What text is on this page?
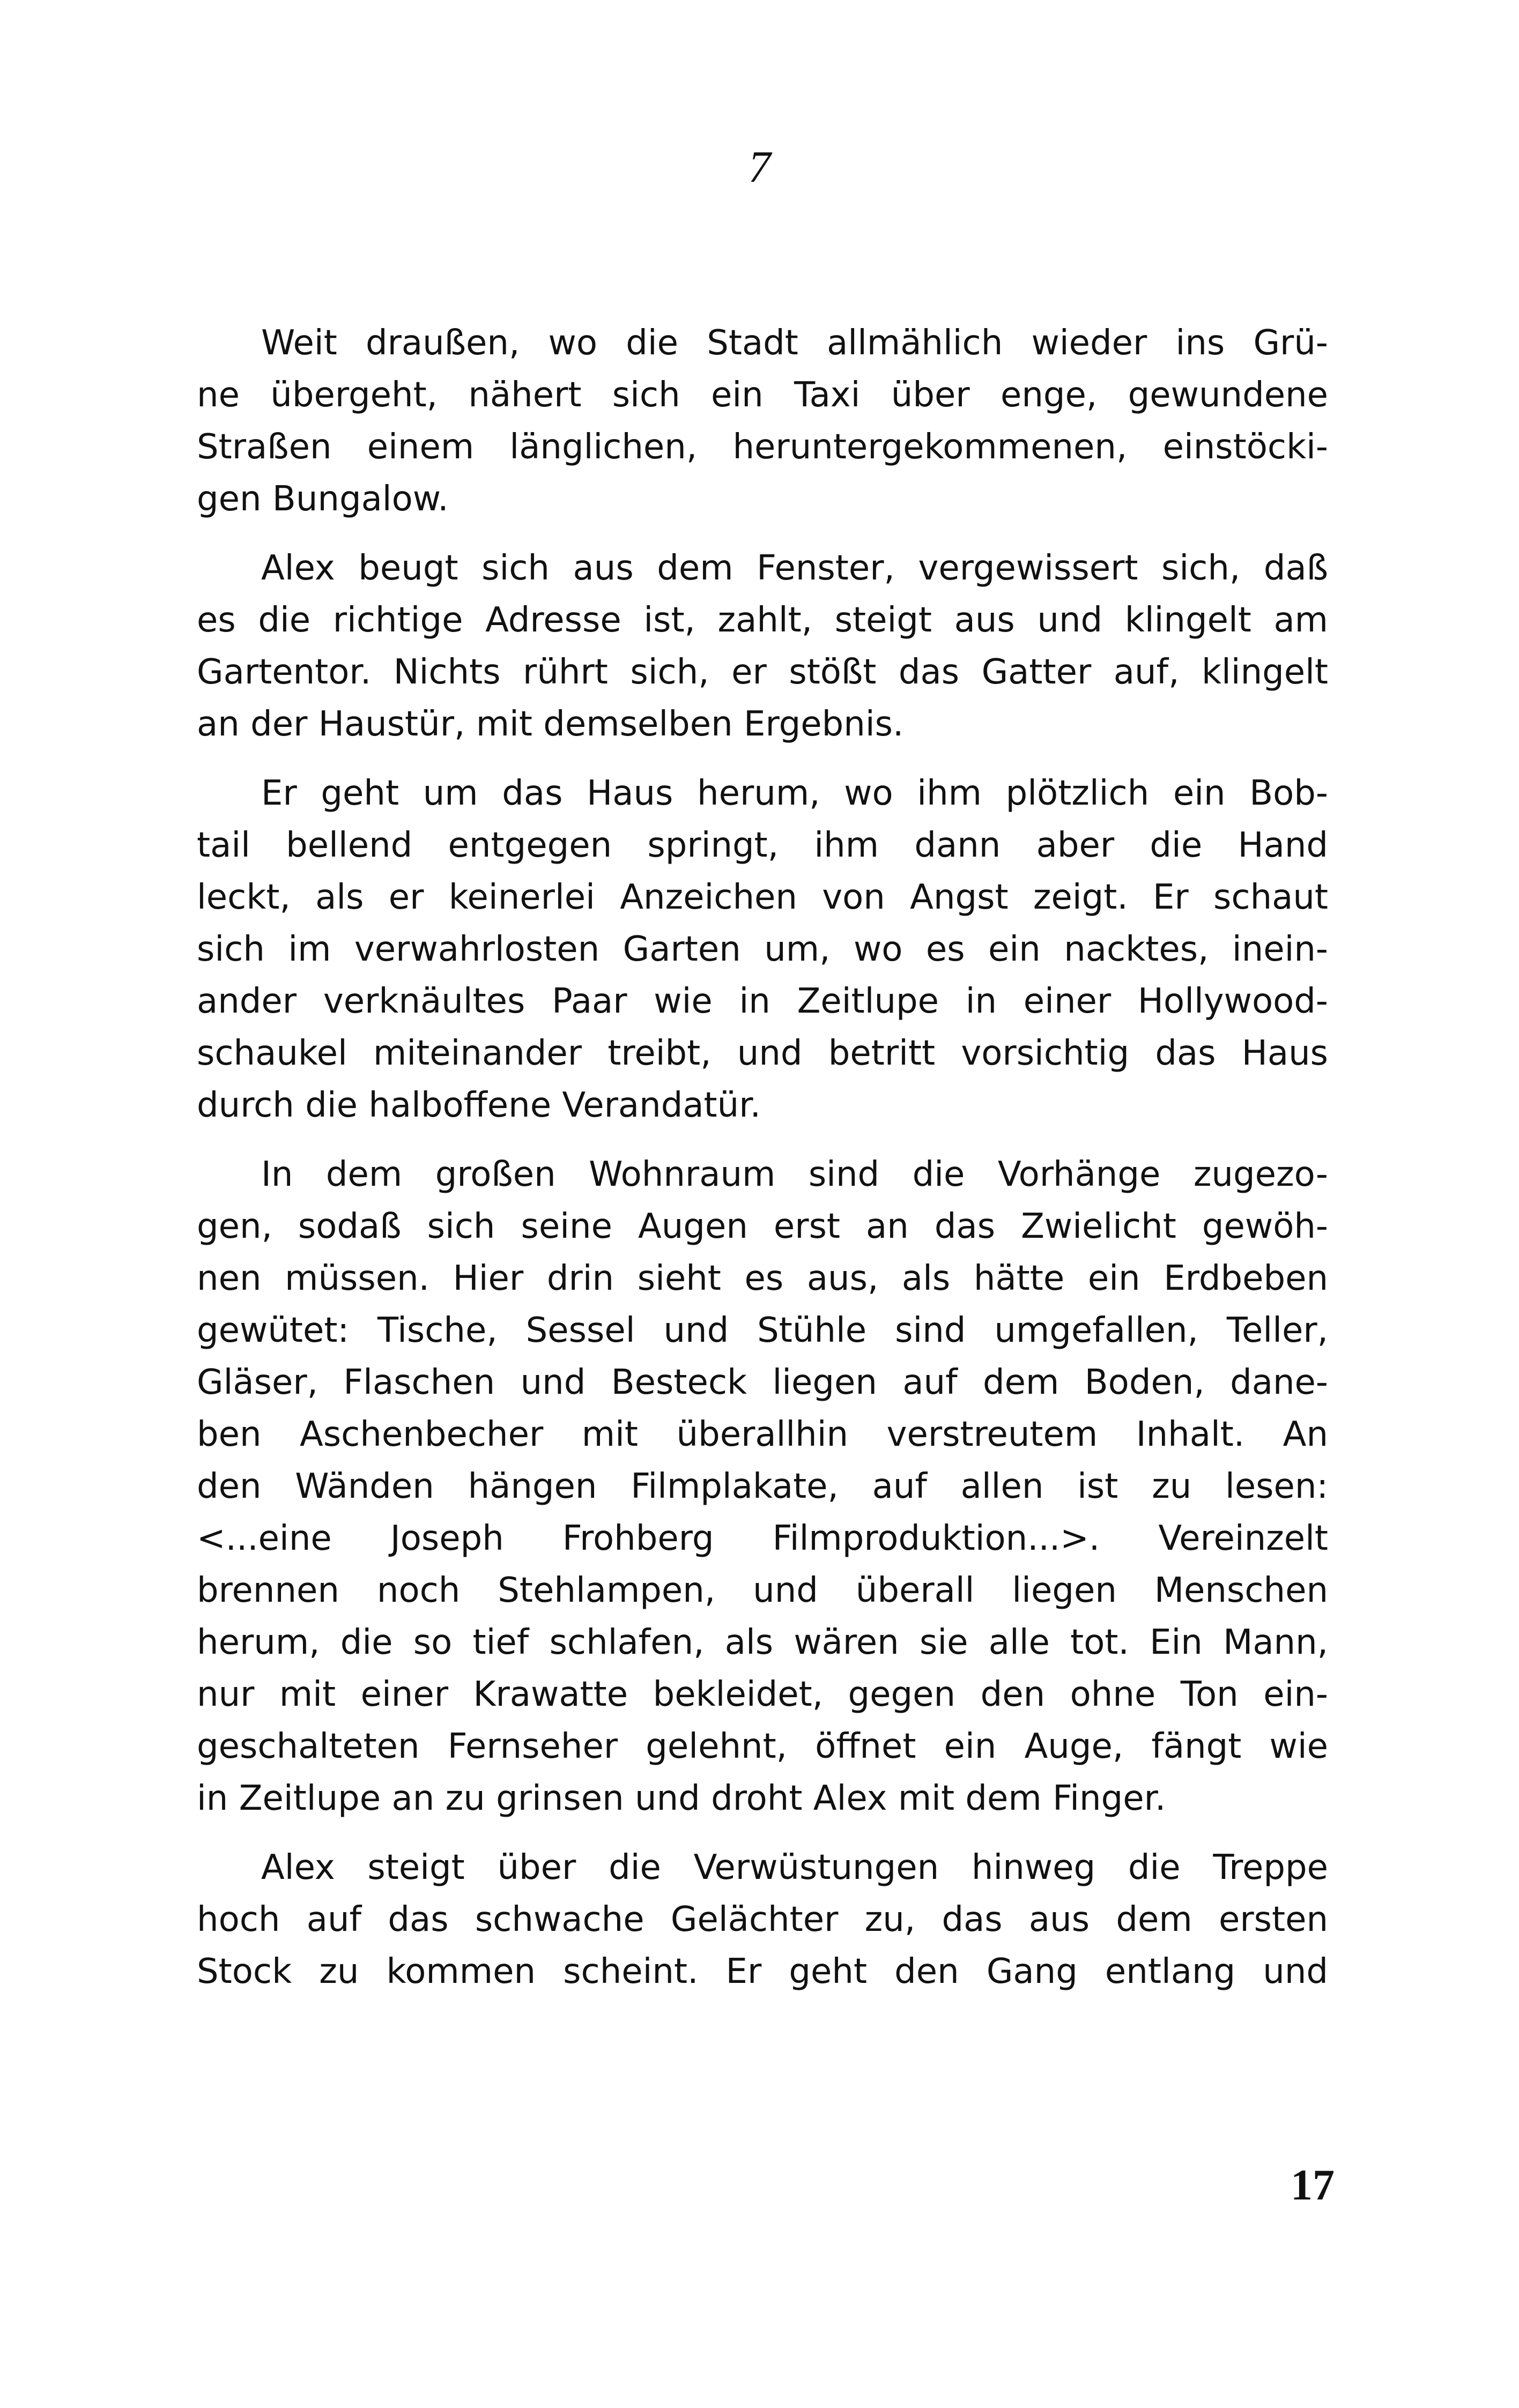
7

Weit draußen, wo die Stadt allmählich wieder ins Grü-
ne übergeht, nähert sich ein Taxi über enge, gewundene
Straßen einem länglichen, heruntergekommenen, einstöcki-
gen Bungalow.

Alex beugt sich aus dem Fenster, vergewissert sich, daß
es die richtige Adresse ist, zahlt, steigt aus und klingelt am
Gartentor. Nichts rührt sich, er stößt das Gatter auf, klingelt
an der Haustür, mit demselben Ergebnis.

Er geht um das Haus herum, wo ihm plötzlich ein Bob-
tail bellend entgegen springt, ihm dann aber die Hand
leckt, als er keinerlei Anzeichen von Angst zeigt. Er schaut
sich im verwahrlosten Garten um, wo es ein nacktes, inein-
ander verknäultes Paar wie in Zeitlupe in einer Hollywood-
schaukel miteinander treibt, und betritt vorsichtig das Haus
durch die halboffene Verandatür.

In dem großen Wohnraum sind die Vorhänge zugezo-
gen, sodaß sich seine Augen erst an das Zwielicht gewöh-
nen müssen. Hier drin sieht es aus, als hätte ein Erdbeben
gewütet: Tische, Sessel und Stühle sind umgefallen, Teller,
Gläser, Flaschen und Besteck liegen auf dem Boden, dane-
ben Aschenbecher mit überallhin verstreutem Inhalt. An
den Wänden hängen Filmplakate, auf allen ist zu lesen:
<...eine Joseph Frohberg Filmproduktion...>. Vereinzelt
brennen noch Stehlampen, und überall liegen Menschen
herum, die so tief schlafen, als wären sie alle tot. Ein Mann,
nur mit einer Krawatte bekleidet, gegen den ohne Ton ein-
geschalteten Fernseher gelehnt, öffnet ein Auge, fängt wie
in Zeitlupe an zu grinsen und droht Alex mit dem Finger.

Alex steigt über die Verwüstungen hinweg die Treppe
hoch auf das schwache Gelächter zu, das aus dem ersten
Stock zu kommen scheint. Er geht den Gang entlang und

17
